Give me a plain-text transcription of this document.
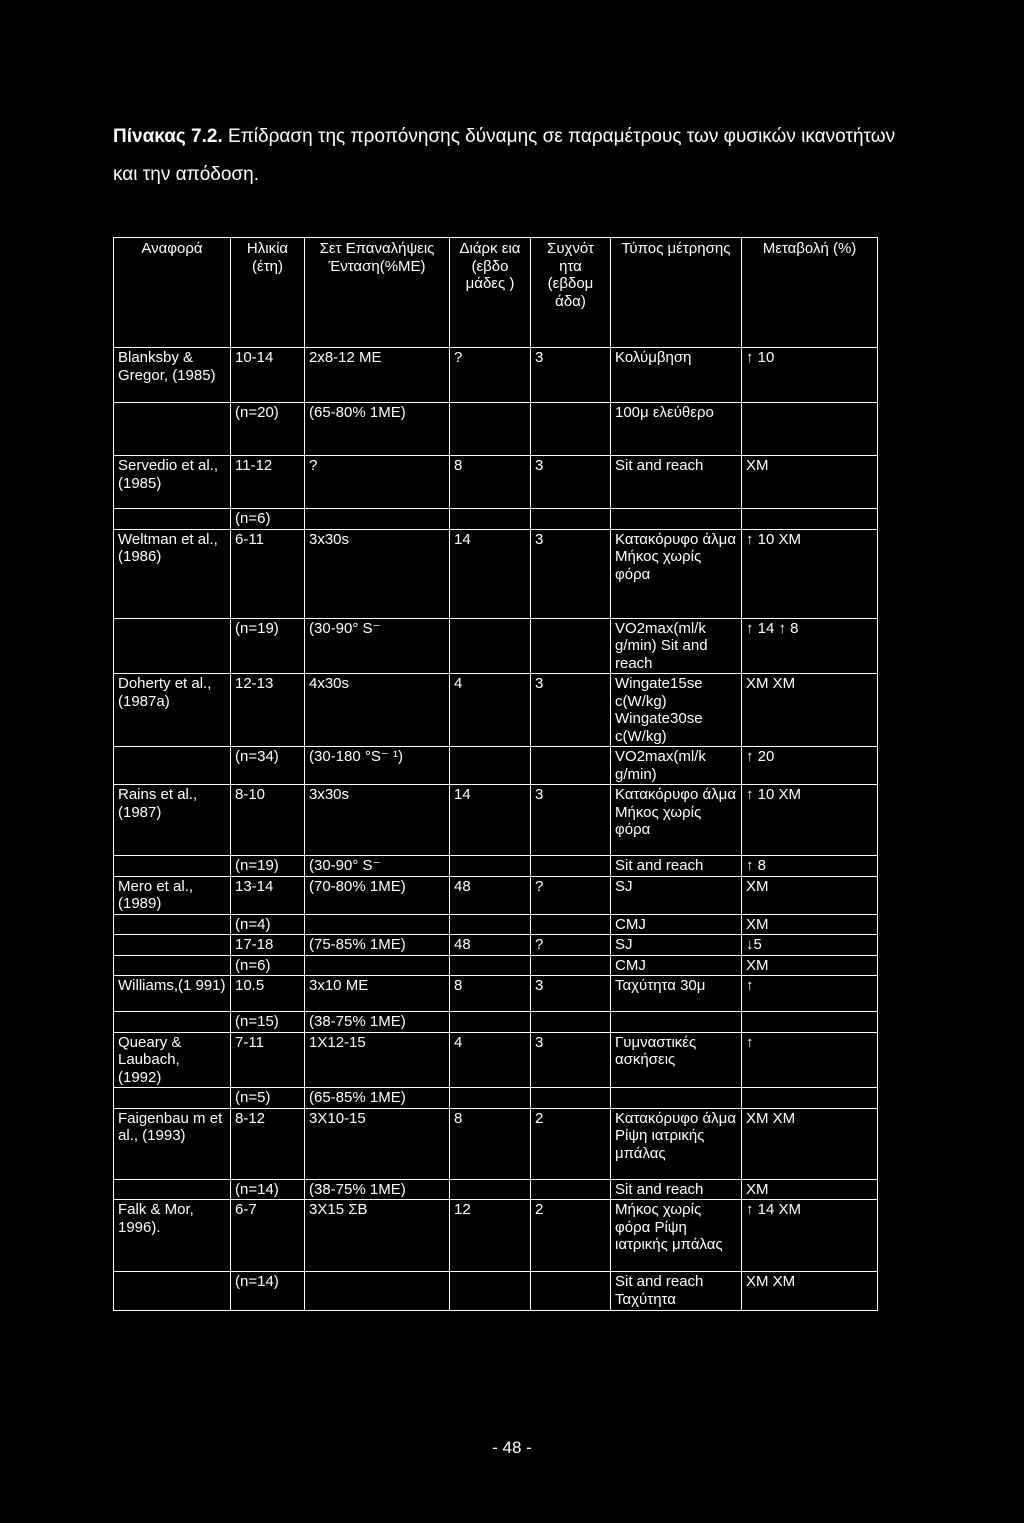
Πίνακας 7.2. Επίδραση της προπόνησης δύναμης σε παραμέτρους των φυσικών ικανοτήτων και την απόδοση.

Αναφορά	Ηλικία (έτη)	Σετ Επαναλήψεις Ένταση(%ΜΕ)	Διάρκ εια (εβδο μάδες )	Συχνότ ητα (εβδομ άδα)	Τύπος μέτρησης	Μεταβολή (%)
Blanksby & Gregor, (1985)	10-14	2x8-12 ME	?	3	Κολύμβηση	↑ 10
	(n=20)	(65-80% 1ME)			100μ ελεύθερο	
Servedio et al., (1985)	11-12	?	8	3	Sit and reach	XM
	(n=6)					
Weltman et al., (1986)	6-11	3x30s	14	3	Κατακόρυφο άλμα Μήκος χωρίς φόρα	↑ 10 XM
	(n=19)	(30-90° S⁻			VO2max(ml/k g/min) Sit and reach	↑ 14 ↑ 8
Doherty et al.,(1987a)	12-13	4x30s	4	3	Wingate15se c(W/kg) Wingate30se c(W/kg)	XM XM
	(n=34)	(30-180 °S⁻ ¹)			VO2max(ml/k g/min)	↑ 20
Rains et al., (1987)	8-10	3x30s	14	3	Κατακόρυφο άλμα Μήκος χωρίς φόρα	↑ 10 XM
	(n=19)	(30-90° S⁻			Sit and reach	↑ 8
Mero et al., (1989)	13-14	(70-80% 1ME)	48	?	SJ	XM
	(n=4)				CMJ	XM
	17-18	(75-85% 1ME)	48	?	SJ	↓5
	(n=6)				CMJ	XM
Williams,(1 991)	10.5	3x10 ME	8	3	Ταχύτητα 30μ	↑
	(n=15)	(38-75% 1ME)				
Queary & Laubach, (1992)	7-11	1X12-15	4	3	Γυμναστικές ασκήσεις	↑
	(n=5)	(65-85% 1ME)				
Faigenbau m et al., (1993)	8-12	3X10-15	8	2	Κατακόρυφο άλμα Ρίψη ιατρικής μπάλας	XM XM
	(n=14)	(38-75% 1ME)			Sit and reach	XM
Falk & Mor, 1996).	6-7	3X15 ΣΒ	12	2	Μήκος χωρίς φόρα Ρίψη ιατρικής μπάλας	↑ 14 XM
	(n=14)				Sit and reach Ταχύτητα	XM XM
- 48 -
